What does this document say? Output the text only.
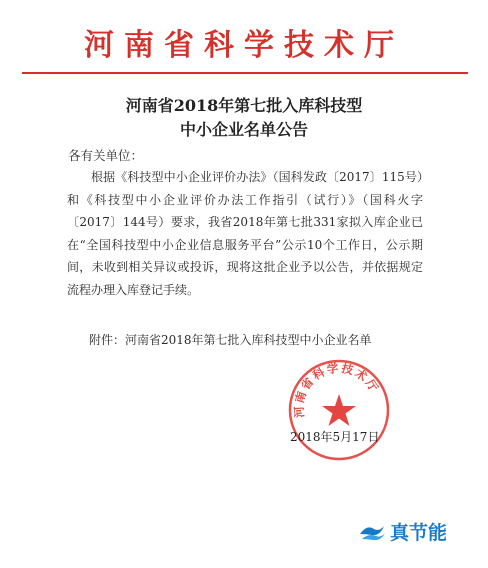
河南省科学技术厅
河南省2018年第七批入库科技型
中小企业名单公告
各有关单位：
根据《科技型中小企业评价办法》（国科发政〔2017〕115号）和《科技型中小企业评价办法工作指引（试行）》（国科火字〔2017〕144号）要求，我省2018年第七批331家拟入库企业已在“全国科技型中小企业信息服务平台”公示10个工作日，公示期间，未收到相关异议或投诉，现将这批企业予以公告，并依据规定流程办理入库登记手续。
附件：河南省2018年第七批入库科技型中小企业名单
河南省科学技术厅
2018年5月17日
真节能
